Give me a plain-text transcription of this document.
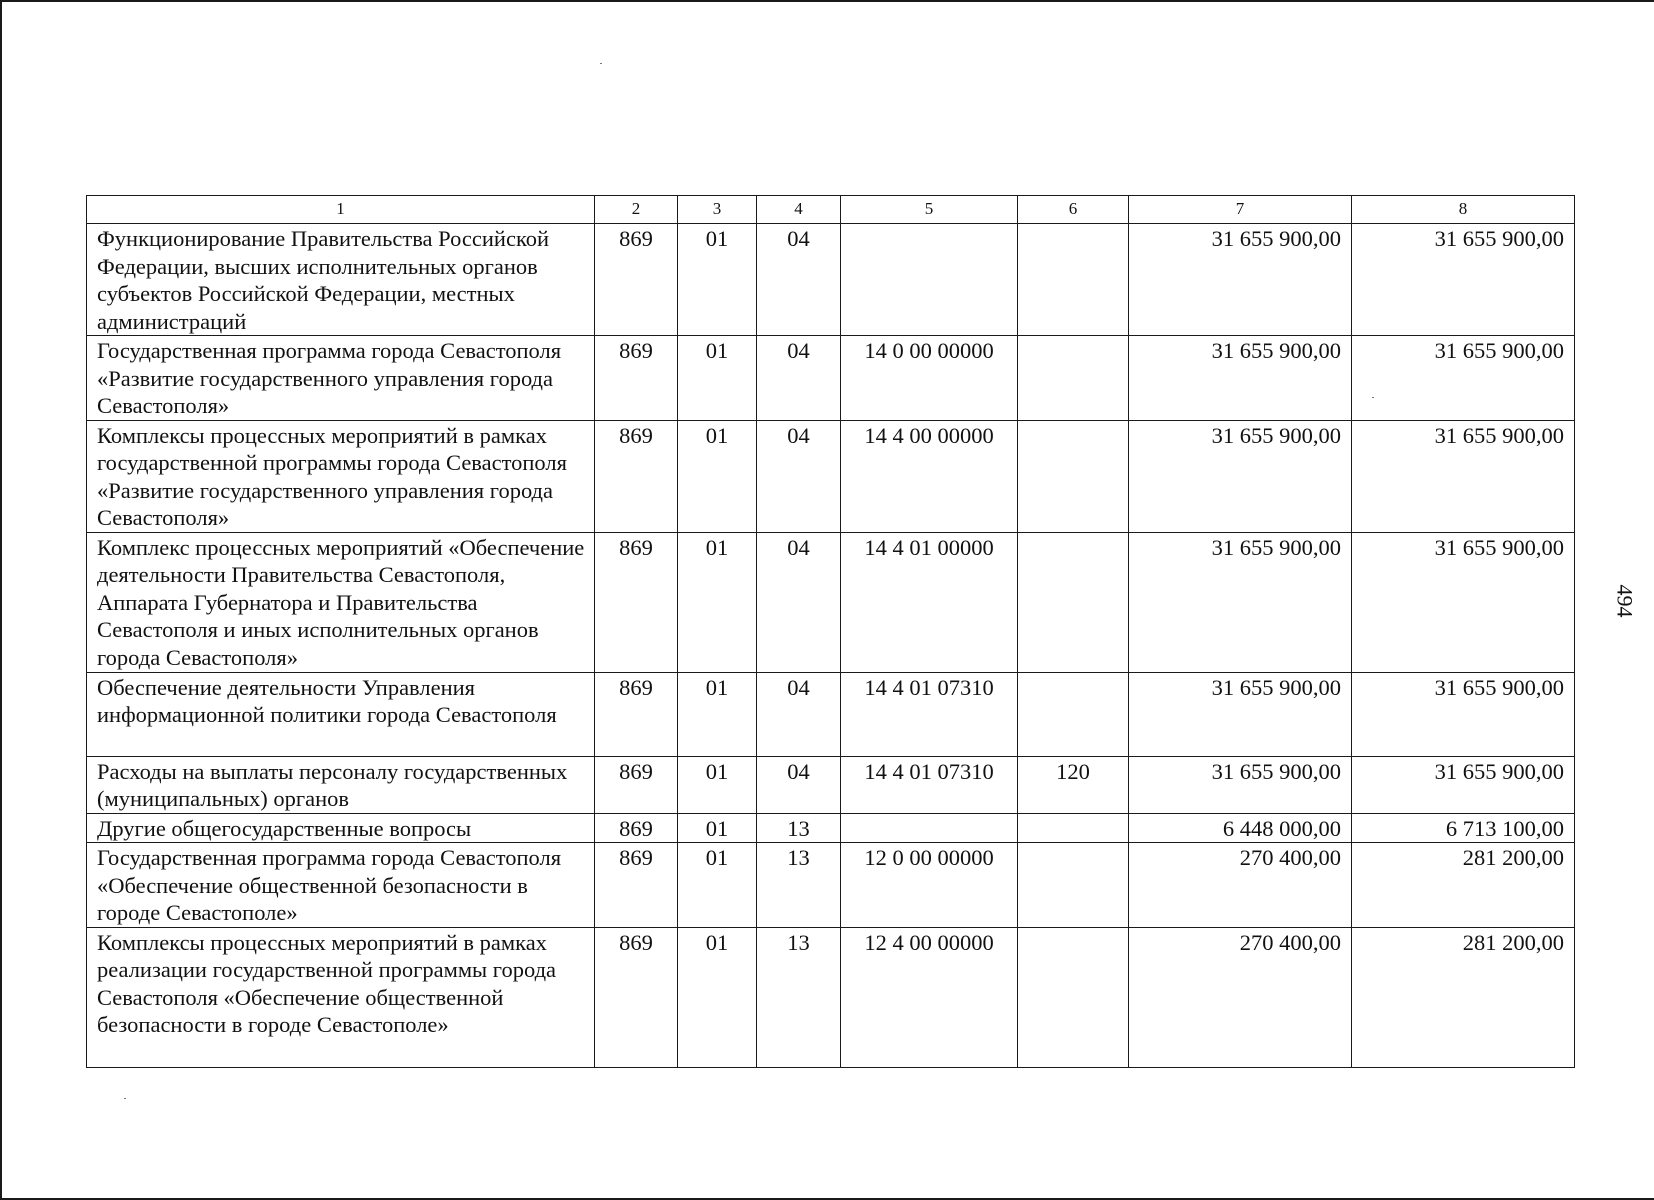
1	2	3	4	5	6	7	8
Функционирование Правительства Российской Федерации, высших исполнительных органов субъектов Российской Федерации, местных администраций	869	01	04			31 655 900,00	31 655 900,00
Государственная программа города Севастополя «Развитие государственного управления города Севастополя»	869	01	04	14 0 00 00000		31 655 900,00	31 655 900,00
Комплексы процессных мероприятий в рамках государственной программы города Севастополя «Развитие государственного управления города Севастополя»	869	01	04	14 4 00 00000		31 655 900,00	31 655 900,00
Комплекс процессных мероприятий «Обеспечение деятельности Правительства Севастополя, Аппарата Губернатора и Правительства Севастополя и иных исполнительных органов города Севастополя»	869	01	04	14 4 01 00000		31 655 900,00	31 655 900,00
Обеспечение деятельности Управления информационной политики города Севастополя	869	01	04	14 4 01 07310		31 655 900,00	31 655 900,00
Расходы на выплаты персоналу государственных (муниципальных) органов	869	01	04	14 4 01 07310	120	31 655 900,00	31 655 900,00
Другие общегосударственные вопросы	869	01	13			6 448 000,00	6 713 100,00
Государственная программа города Севастополя «Обеспечение общественной безопасности в городе Севастополе»	869	01	13	12 0 00 00000		270 400,00	281 200,00
Комплексы процессных мероприятий в рамках реализации государственной программы города Севастополя «Обеспечение общественной безопасности в городе Севастополе»	869	01	13	12 4 00 00000		270 400,00	281 200,00
494
